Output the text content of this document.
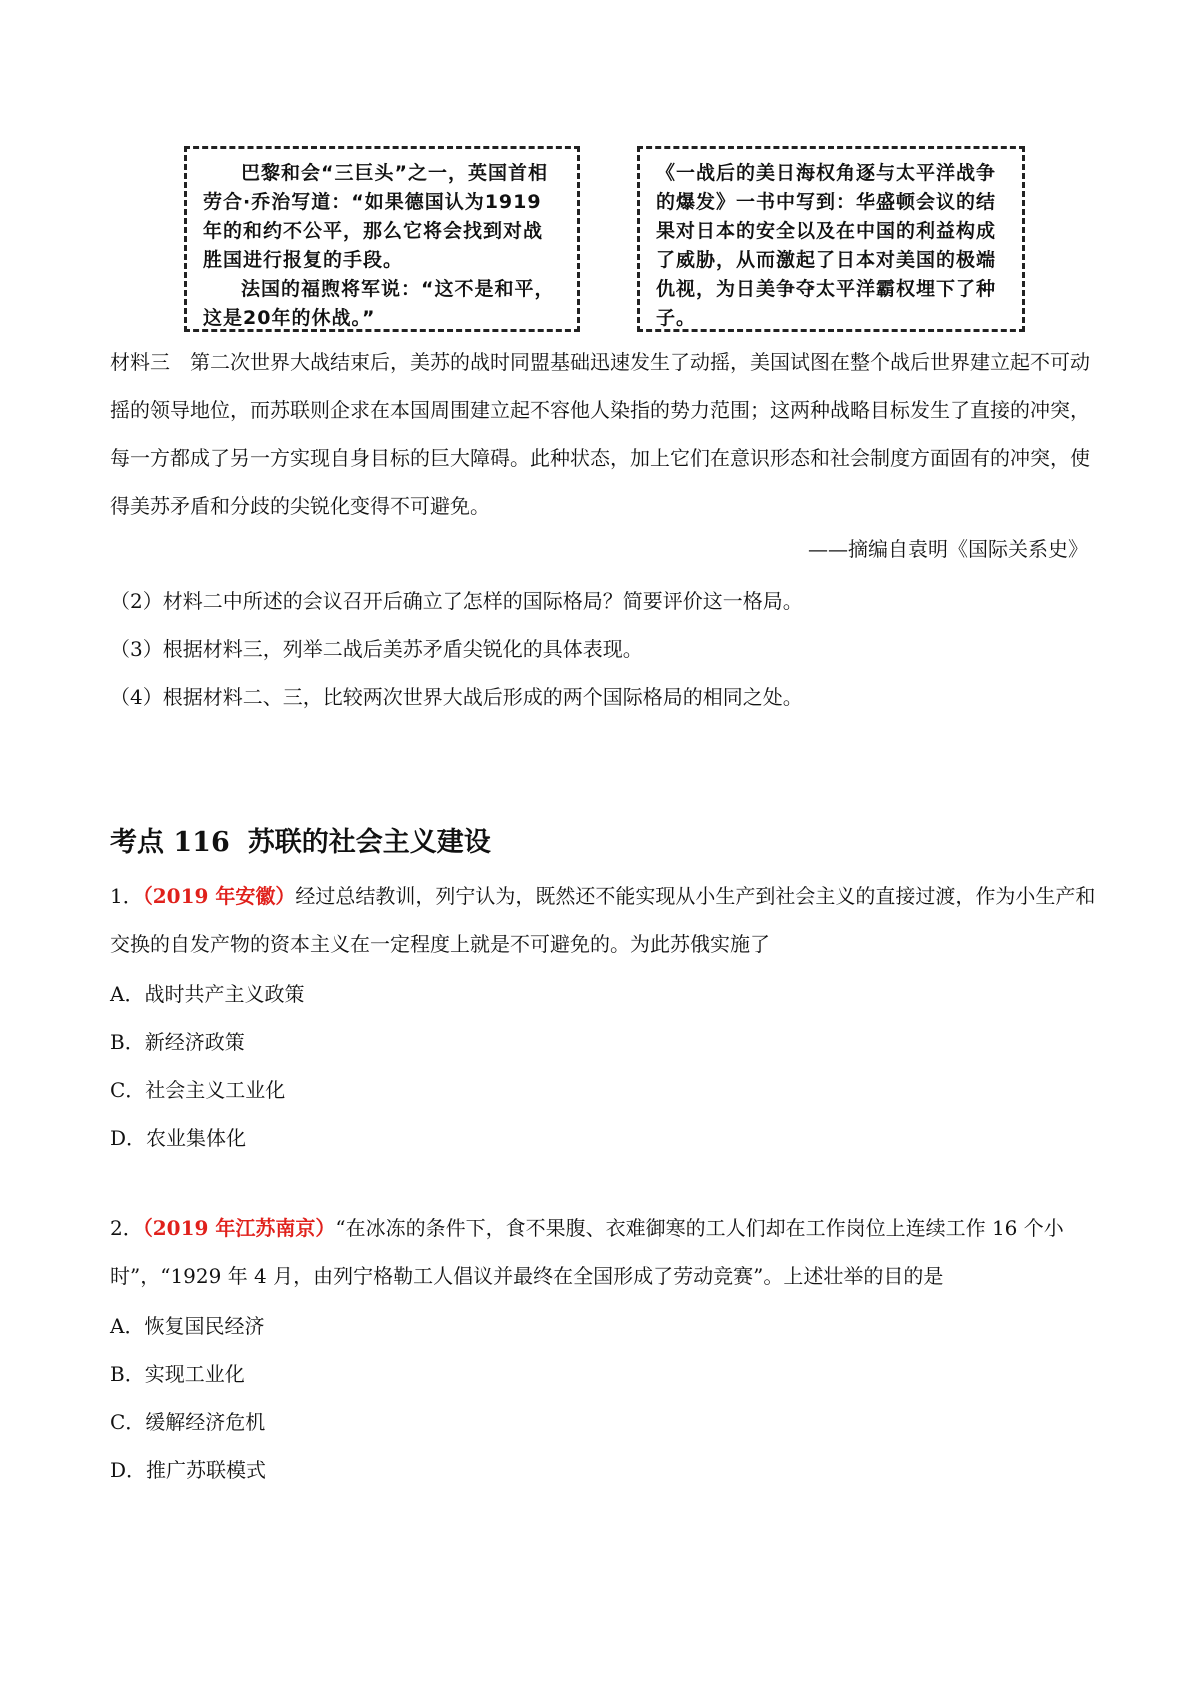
巴黎和会“三巨头”之一，英国首相劳合·乔治写道：“如果德国认为1919年的和约不公平，那么它将会找到对战胜国进行报复的手段。

法国的福煦将军说：“这不是和平，这是20年的休战。”

《一战后的美日海权角逐与太平洋战争的爆发》一书中写到：华盛顿会议的结果对日本的安全以及在中国的利益构成了威胁，从而激起了日本对美国的极端仇视，为日美争夺太平洋霸权埋下了种子。

材料三　第二次世界大战结束后，美苏的战时同盟基础迅速发生了动摇，美国试图在整个战后世界建立起不可动摇的领导地位，而苏联则企求在本国周围建立起不容他人染指的势力范围；这两种战略目标发生了直接的冲突，每一方都成了另一方实现自身目标的巨大障碍。此种状态，加上它们在意识形态和社会制度方面固有的冲突，使得美苏矛盾和分歧的尖锐化变得不可避免。
——摘编自袁明《国际关系史》
（2）材料二中所述的会议召开后确立了怎样的国际格局？简要评价这一格局。
（3）根据材料三，列举二战后美苏矛盾尖锐化的具体表现。
（4）根据材料二、三，比较两次世界大战后形成的两个国际格局的相同之处。
考点 116 苏联的社会主义建设
1．（2019 年安徽）经过总结教训，列宁认为，既然还不能实现从小生产到社会主义的直接过渡，作为小生产和交换的自发产物的资本主义在一定程度上就是不可避免的。为此苏俄实施了
A．战时共产主义政策
B．新经济政策
C．社会主义工业化
D．农业集体化
2．（2019 年江苏南京）“在冰冻的条件下，食不果腹、衣难御寒的工人们却在工作岗位上连续工作 16 个小时”，“1929 年 4 月，由列宁格勒工人倡议并最终在全国形成了劳动竞赛”。上述壮举的目的是
A．恢复国民经济
B．实现工业化
C．缓解经济危机
D．推广苏联模式
